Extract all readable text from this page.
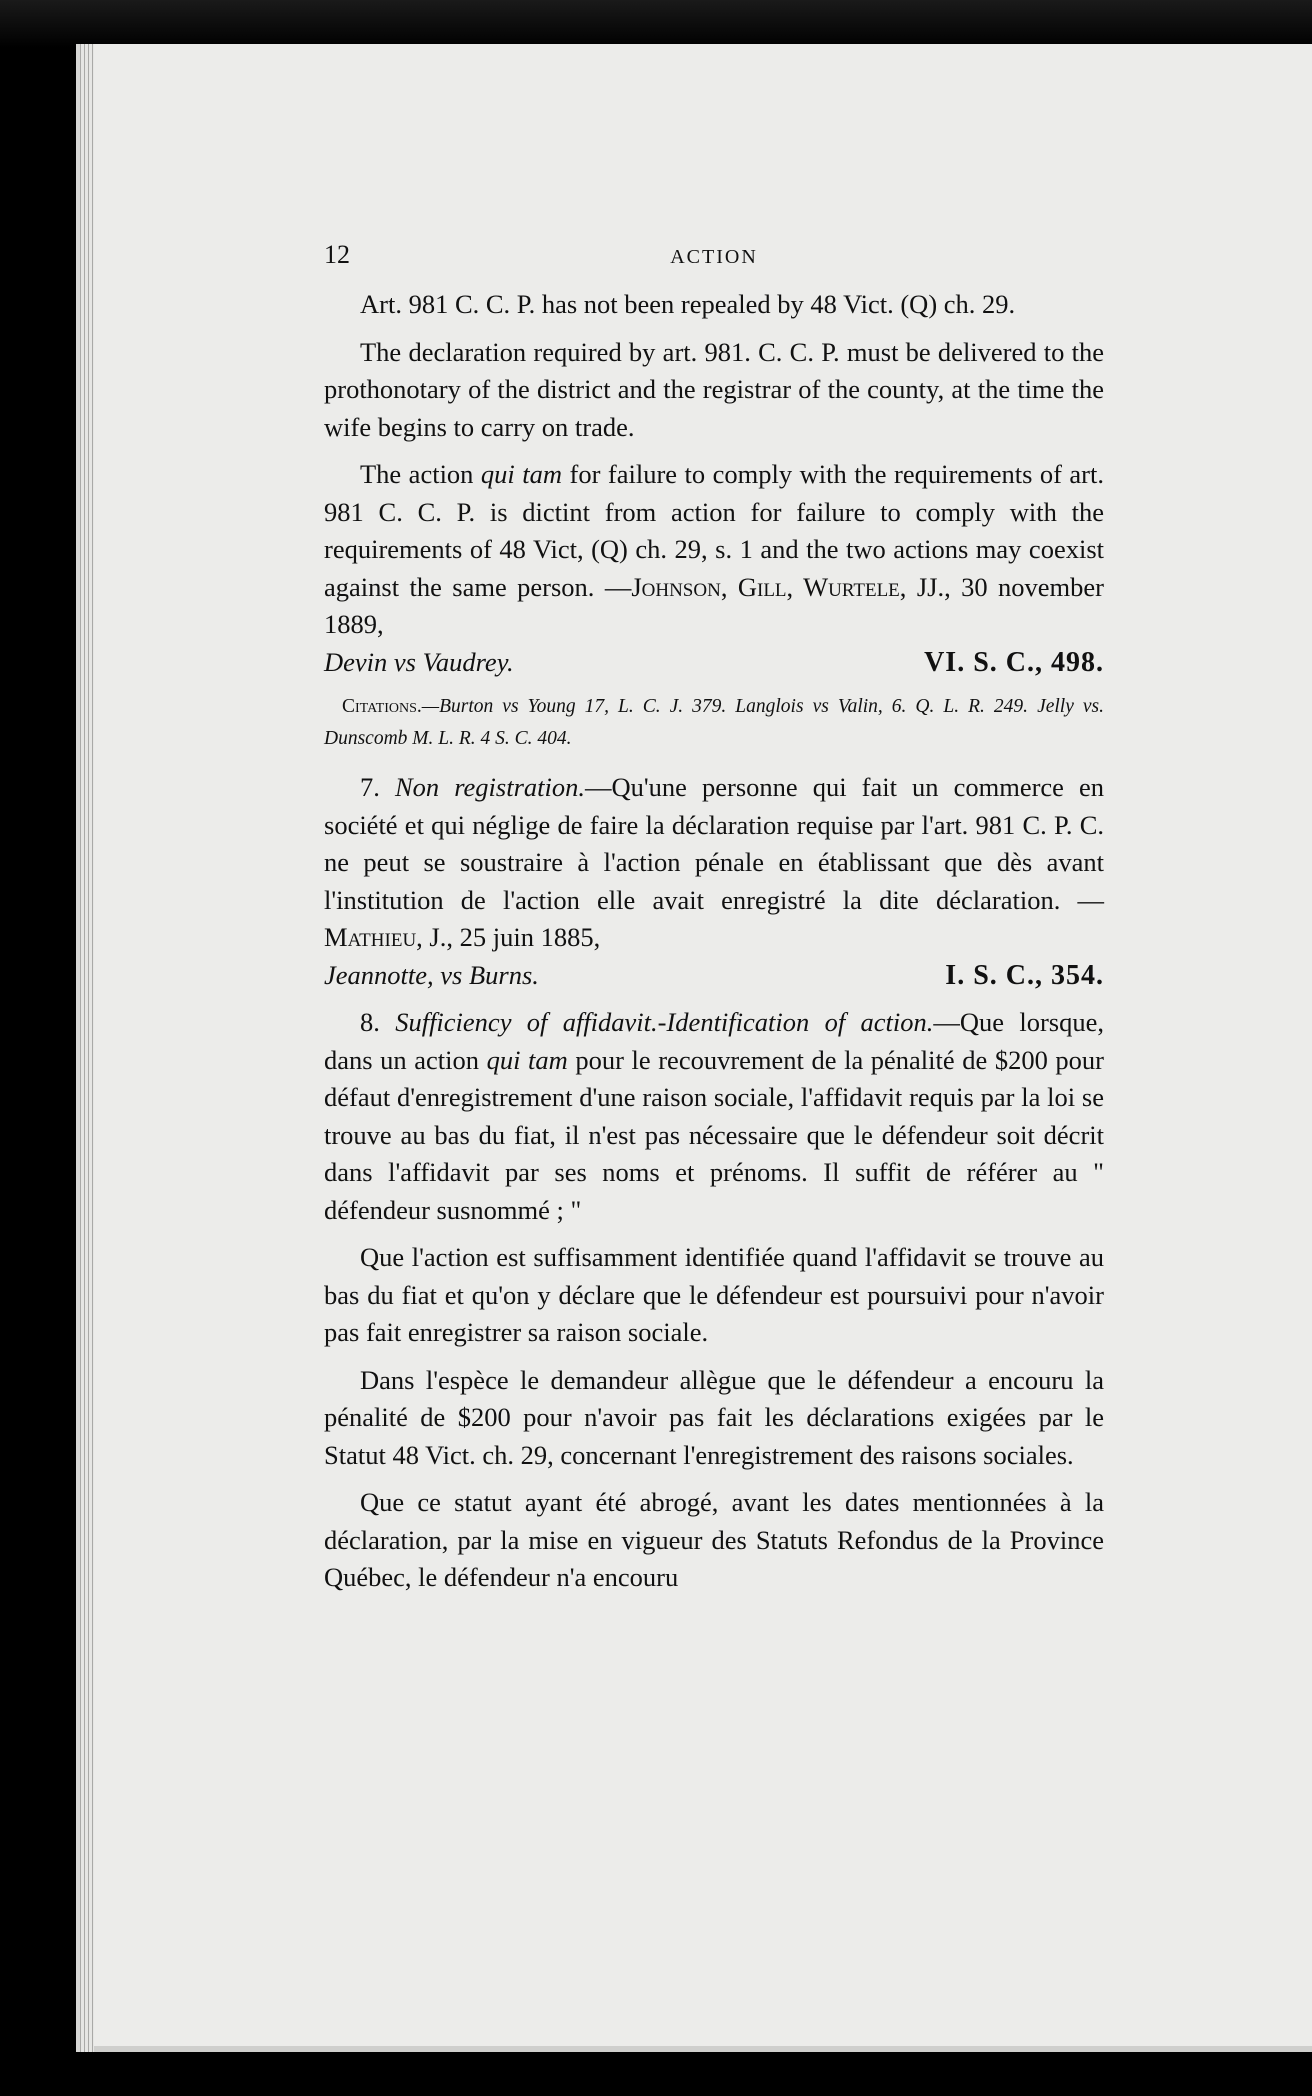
12	ACTION

Art. 981 C. C. P. has not been repealed by 48 Vict. (Q) ch. 29.

The declaration required by art. 981. C. C. P. must be delivered to the prothonotary of the district and the registrar of the county, at the time the wife begins to carry on trade.

The action qui tam for failure to comply with the requirements of art. 981 C. C. P. is dictint from action for failure to comply with the requirements of 48 Vict, (Q) ch. 29, s. 1 and the two actions may coexist against the same person. —Johnson, Gill, Wurtele, JJ., 30 november 1889,

Devin vs Vaudrey.	VI. S. C., 498.

Citations.—Burton vs Young 17, L. C. J. 379. Langlois vs Valin, 6. Q. L. R. 249. Jelly vs. Dunscomb M. L. R. 4 S. C. 404.

7. Non registration.—Qu'une personne qui fait un commerce en société et qui néglige de faire la déclaration requise par l'art. 981 C. P. C. ne peut se soustraire à l'action pénale en établissant que dès avant l'institution de l'action elle avait enregistré la dite déclaration. — Mathieu, J., 25 juin 1885,

Jeannotte, vs Burns.	I. S. C., 354.

8. Sufficiency of affidavit.-Identification of action.—Que lorsque, dans un action qui tam pour le recouvrement de la pénalité de $200 pour défaut d'enregistrement d'une raison sociale, l'affidavit requis par la loi se trouve au bas du fiat, il n'est pas nécessaire que le défendeur soit décrit dans l'affidavit par ses noms et prénoms. Il suffit de référer au " défendeur susnommé ; "

Que l'action est suffisamment identifiée quand l'affidavit se trouve au bas du fiat et qu'on y déclare que le défendeur est poursuivi pour n'avoir pas fait enregistrer sa raison sociale.

Dans l'espèce le demandeur allègue que le défendeur a encouru la pénalité de $200 pour n'avoir pas fait les déclarations exigées par le Statut 48 Vict. ch. 29, concernant l'enregistrement des raisons sociales.

Que ce statut ayant été abrogé, avant les dates mentionnées à la déclaration, par la mise en vigueur des Statuts Refondus de la Province Québec, le défendeur n'a encouru
